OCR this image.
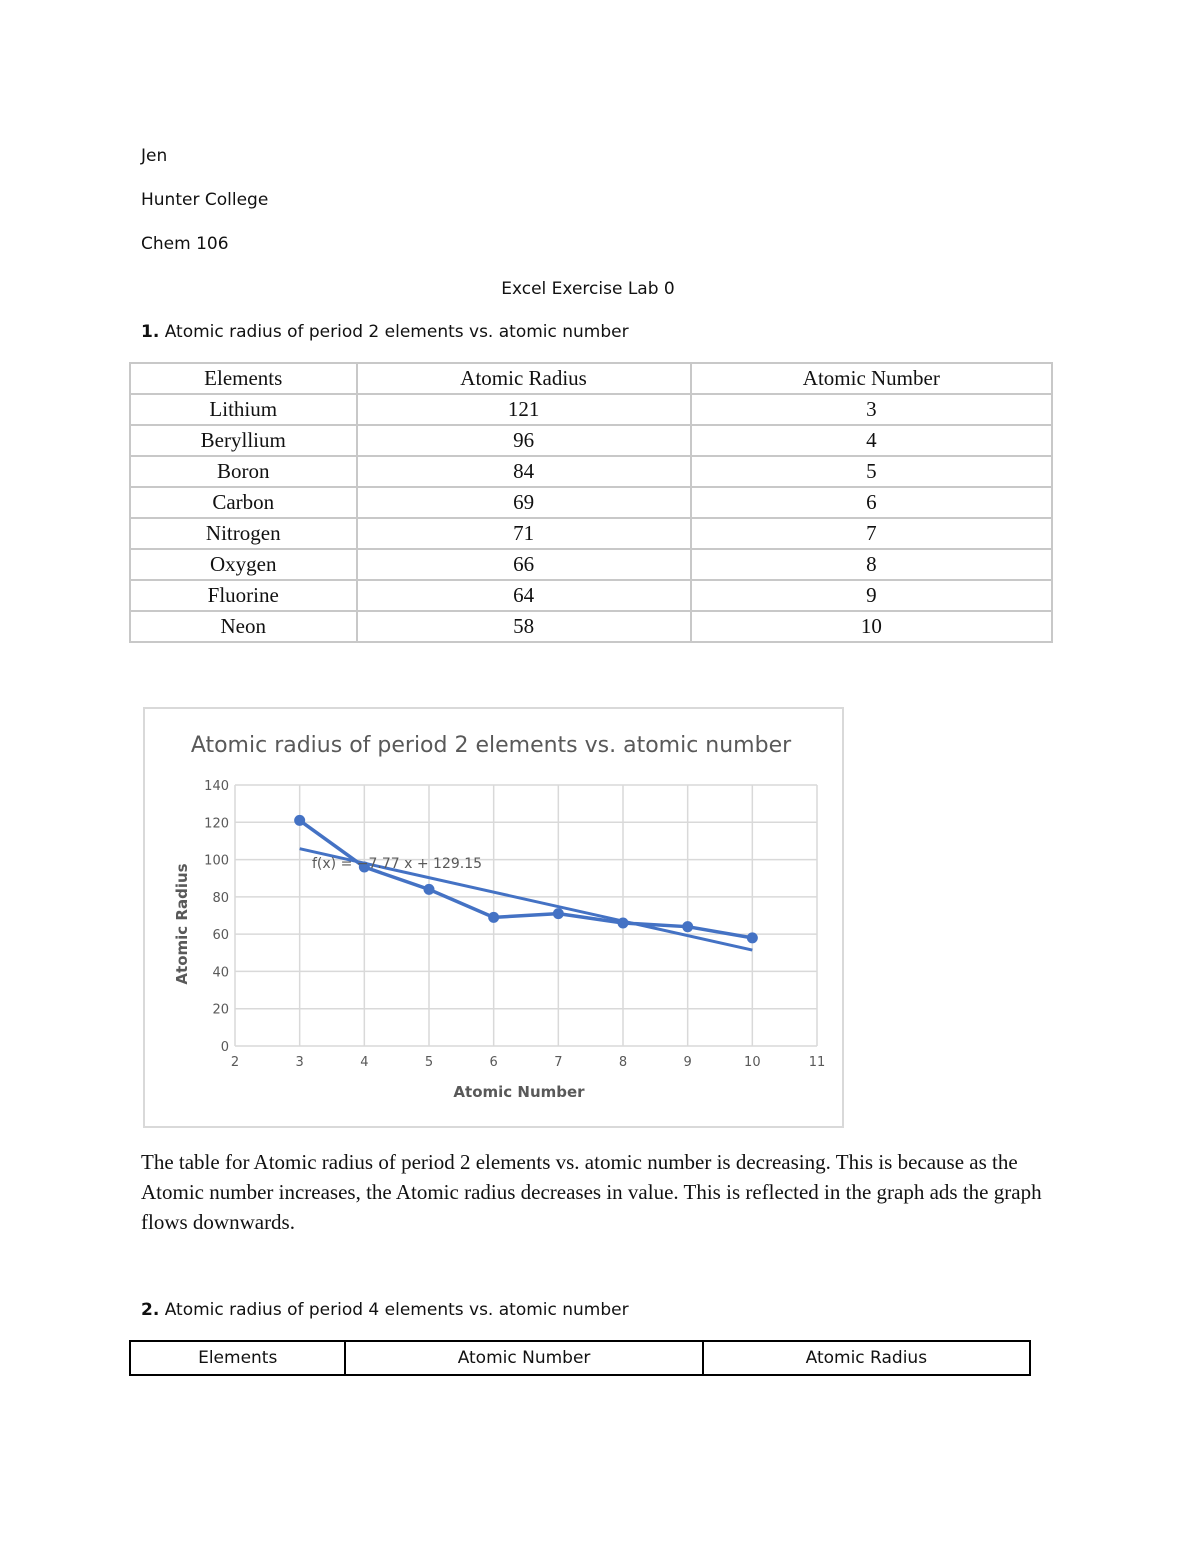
Jen
Hunter College
Chem 106
Excel Exercise Lab 0
1. Atomic radius of period 2 elements vs. atomic number
Elements	Atomic Radius	Atomic Number
Lithium	121	3
Beryllium	96	4
Boron	84	5
Carbon	69	6
Nitrogen	71	7
Oxygen	66	8
Fluorine	64	9
Neon	58	10
Atomic radius of period 2 elements vs. atomic number
Atomic Number
Atomic Radius
0
20
40
60
80
100
120
140
2	3	4	5	6	7	8	9	10	11
f(x) = −7.77 x + 129.15
The table for Atomic radius of period 2 elements vs. atomic number is decreasing. This is because as the Atomic number increases, the Atomic radius decreases in value. This is reflected in the graph ads the graph flows downwards.
2. Atomic radius of period 4 elements vs. atomic number
Elements	Atomic Number	Atomic Radius
